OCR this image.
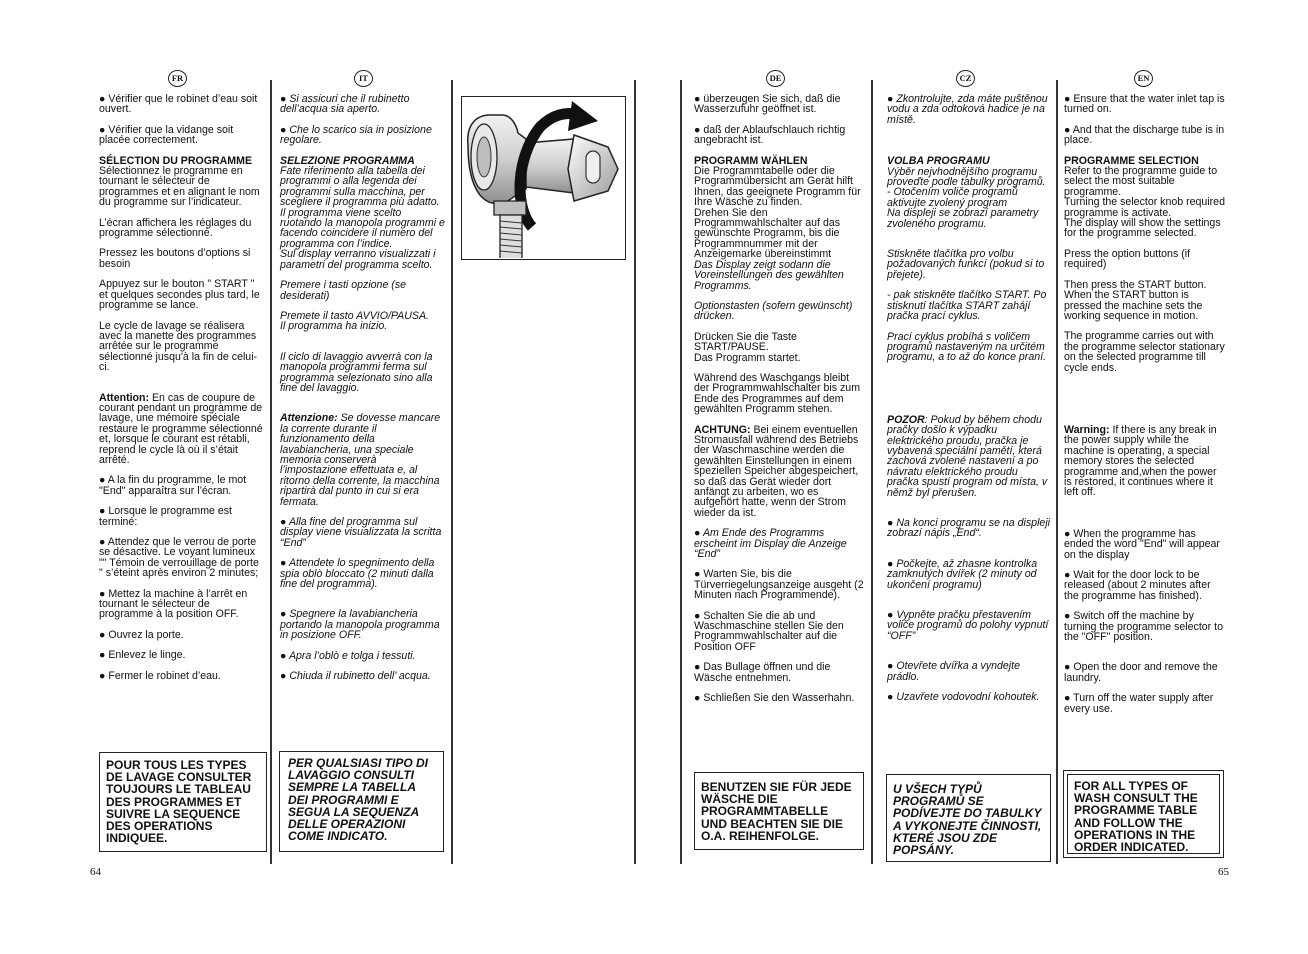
FR	IT	DE	CZ	EN

● Vérifier que le robinet d’eau soit ouvert.

● Vérifier que la vidange soit placée correctement.

SÉLECTION DU PROGRAMME

Sélectionnez le programme en tournant le sélecteur de programmes et en alignant le nom du programme sur l’indicateur.

L’écran affichera les réglages du programme sélectionné.

Pressez les boutons d’options si besoin

Appuyez sur le bouton " START " et quelques secondes plus tard, le programme se lance.

Le cycle de lavage se réalisera avec la manette des programmes arrêtée sur le programme sélectionné jusqu'à la fin de celui-ci.

Attention: En cas de coupure de courant pendant un programme de lavage, une mémoire spéciale restaure le programme sélectionné et, lorsque le courant est rétabli, reprend le cycle là où il s’était arrêté.

● A la fin du programme, le mot "End" apparaîtra sur l’écran.

● Lorsque le programme est terminé:

● Attendez que le verrou de porte se désactive. Le voyant lumineux "" Témoin de verrouillage de porte " s’éteint après environ 2 minutes;

● Mettez la machine à l’arrêt en tournant le sélecteur de programme à la position OFF.

● Ouvrez la porte.

● Enlevez le linge.

● Fermer le robinet d’eau.

POUR TOUS LES TYPES DE LAVAGE CONSULTER TOUJOURS LE TABLEAU DES PROGRAMMES ET SUIVRE LA SEQUENCE DES OPERATIONS INDIQUEE.

● Si assicuri che il rubinetto dell’acqua sia aperto.

● Che lo scarico sia in posizione regolare.

SELEZIONE PROGRAMMA

Fate riferimento alla tabella dei programmi o alla legenda dei programmi sulla macchina, per scegliere il programma più adatto.

Il programma viene scelto ruotando la manopola programmi e facendo coincidere il numero del programma con l’indice.

Sul display verranno visualizzati i parametri del programma scelto.

Premere i tasti opzione (se desiderati)

Premete il tasto AVVIO/PAUSA.

Il programma ha inizio.

Il ciclo di lavaggio avverrà con la manopola programmi ferma sul programma selezionato sino alla fine del lavaggio.

Attenzione: Se dovesse mancare la corrente durante il funzionamento della lavabiancheria, una speciale memoria conserverà l’impostazione effettuata e, al ritorno della corrente, la macchina ripartirà dal punto in cui si era fermata.

● Alla fine del programma sul display viene visualizzata la scritta “End”

● Attendete lo spegnimento della spia oblò bloccato (2 minuti dalla fine del programma).

● Spegnere la lavabiancheria portando la manopola programma in posizione OFF.

● Apra l’oblò e tolga i tessuti.

● Chiuda il rubinetto dell’ acqua.

PER QUALSIASI TIPO DI LAVAGGIO CONSULTI SEMPRE LA TABELLA DEI PROGRAMMI E SEGUA LA SEQUENZA DELLE OPERAZIONI COME INDICATO.

● überzeugen Sie sich, daß die Wasserzufuhr geöffnet ist.

● daß der Ablaufschlauch richtig angebracht ist.

PROGRAMM WÄHLEN

Die Programmtabelle oder die Programmübersicht am Gerät hilft Ihnen, das geeignete Programm für Ihre Wäsche zu finden.

Drehen Sie den Programmwahlschalter auf das gewünschte Programm, bis die Programmnummer mit der Anzeigemarke übereinstimmt

Das Display zeigt sodann die Voreinstellungen des gewählten Programms.

Optionstasten (sofern gewünscht) drücken.

Drücken Sie die Taste START/PAUSE.

Das Programm startet.

Während des Waschgangs bleibt der Programmwahlschalter bis zum Ende des Programmes auf dem gewählten Programm stehen.

ACHTUNG: Bei einem eventuellen Stromausfall während des Betriebs der Waschmaschine werden die gewählten Einstellungen in einem speziellen Speicher abgespeichert, so daß das Gerät wieder dort anfängt zu arbeiten, wo es aufgehört hatte, wenn der Strom wieder da ist.

● Am Ende des Programms erscheint im Display die Anzeige “End”

● Warten Sie, bis die Türverriegelungsanzeige ausgeht (2 Minuten nach Programmende).

● Schalten Sie die ab und Waschmaschine stellen Sie den Programmwahlschalter auf die Position OFF

● Das Bullage öffnen und die Wäsche entnehmen.

● Schließen Sie den Wasserhahn.

BENUTZEN SIE FÜR JEDE WÄSCHE DIE PROGRAMMTABELLE UND BEACHTEN SIE DIE O.A. REIHENFOLGE.

● Zkontrolujte, zda máte puštěnou vodu a zda odtoková hadice je na místě.

VOLBA PROGRAMU

Výběr nejvhodnějšího programu proveďte podle tabulky programů.

- Otočením voliče programů aktivujte zvolený program

Na displeji se zobrazí parametry zvoleného programu.

Stiskněte tlačítka pro volbu požadovaných funkcí (pokud si to přejete).

- pak stiskněte tlačítko START. Po stisknutí tlačítka START zahájí pračka prací cyklus.

Prací cyklus probíhá s voličem programů nastaveným na určitém programu, a to až do konce praní.

POZOR: Pokud by během chodu pračky došlo k výpadku elektrického proudu, pračka je vybavená speciální pamětí, která zachová zvolené nastavení a po návratu elektrického proudu pračka spustí program od místa, v němž byl přerušen.

● Na konci programu se na displeji zobrazí nápis „End“.

● Počkejte, až zhasne kontrolka zamknutých dvířek (2 minuty od ukončení programu)

● Vypněte pračku přestavením voliče programů do polohy vypnutí “OFF”

● Otevřete dvířka a vyndejte prádlo.

● Uzavřete vodovodní kohoutek.

U VŠECH TYPŮ PROGRAMŮ SE PODÍVEJTE DO TABULKY A VYKONEJTE ČINNOSTI, KTERÉ JSOU ZDE POPSÁNY.

● Ensure that the water inlet tap is turned on.

● And that the discharge tube is in place.

PROGRAMME SELECTION

Refer to the programme guide to select the most suitable programme.

Turning the selector knob required programme is activate.

The display will show the settings for the programme selected.

Press the option buttons (if required)

Then press the START button. When the START button is pressed the machine sets the working sequence in motion.

The programme carries out with the programme selector stationary on the selected programme till cycle ends.

Warning: If there is any break in the power supply while the machine is operating, a special memory stores the selected programme and,when the power is restored, it continues where it left off.

● When the programme has ended the word "End" will appear on the display

● Wait for the door lock to be released (about 2 minutes after the programme has finished).

● Switch off the machine by turning the programme selector to the "OFF" position.

● Open the door and remove the laundry.

● Turn off the water supply after every use.

FOR ALL TYPES OF WASH CONSULT THE PROGRAMME TABLE AND FOLLOW THE OPERATIONS IN THE ORDER INDICATED.
64	65
